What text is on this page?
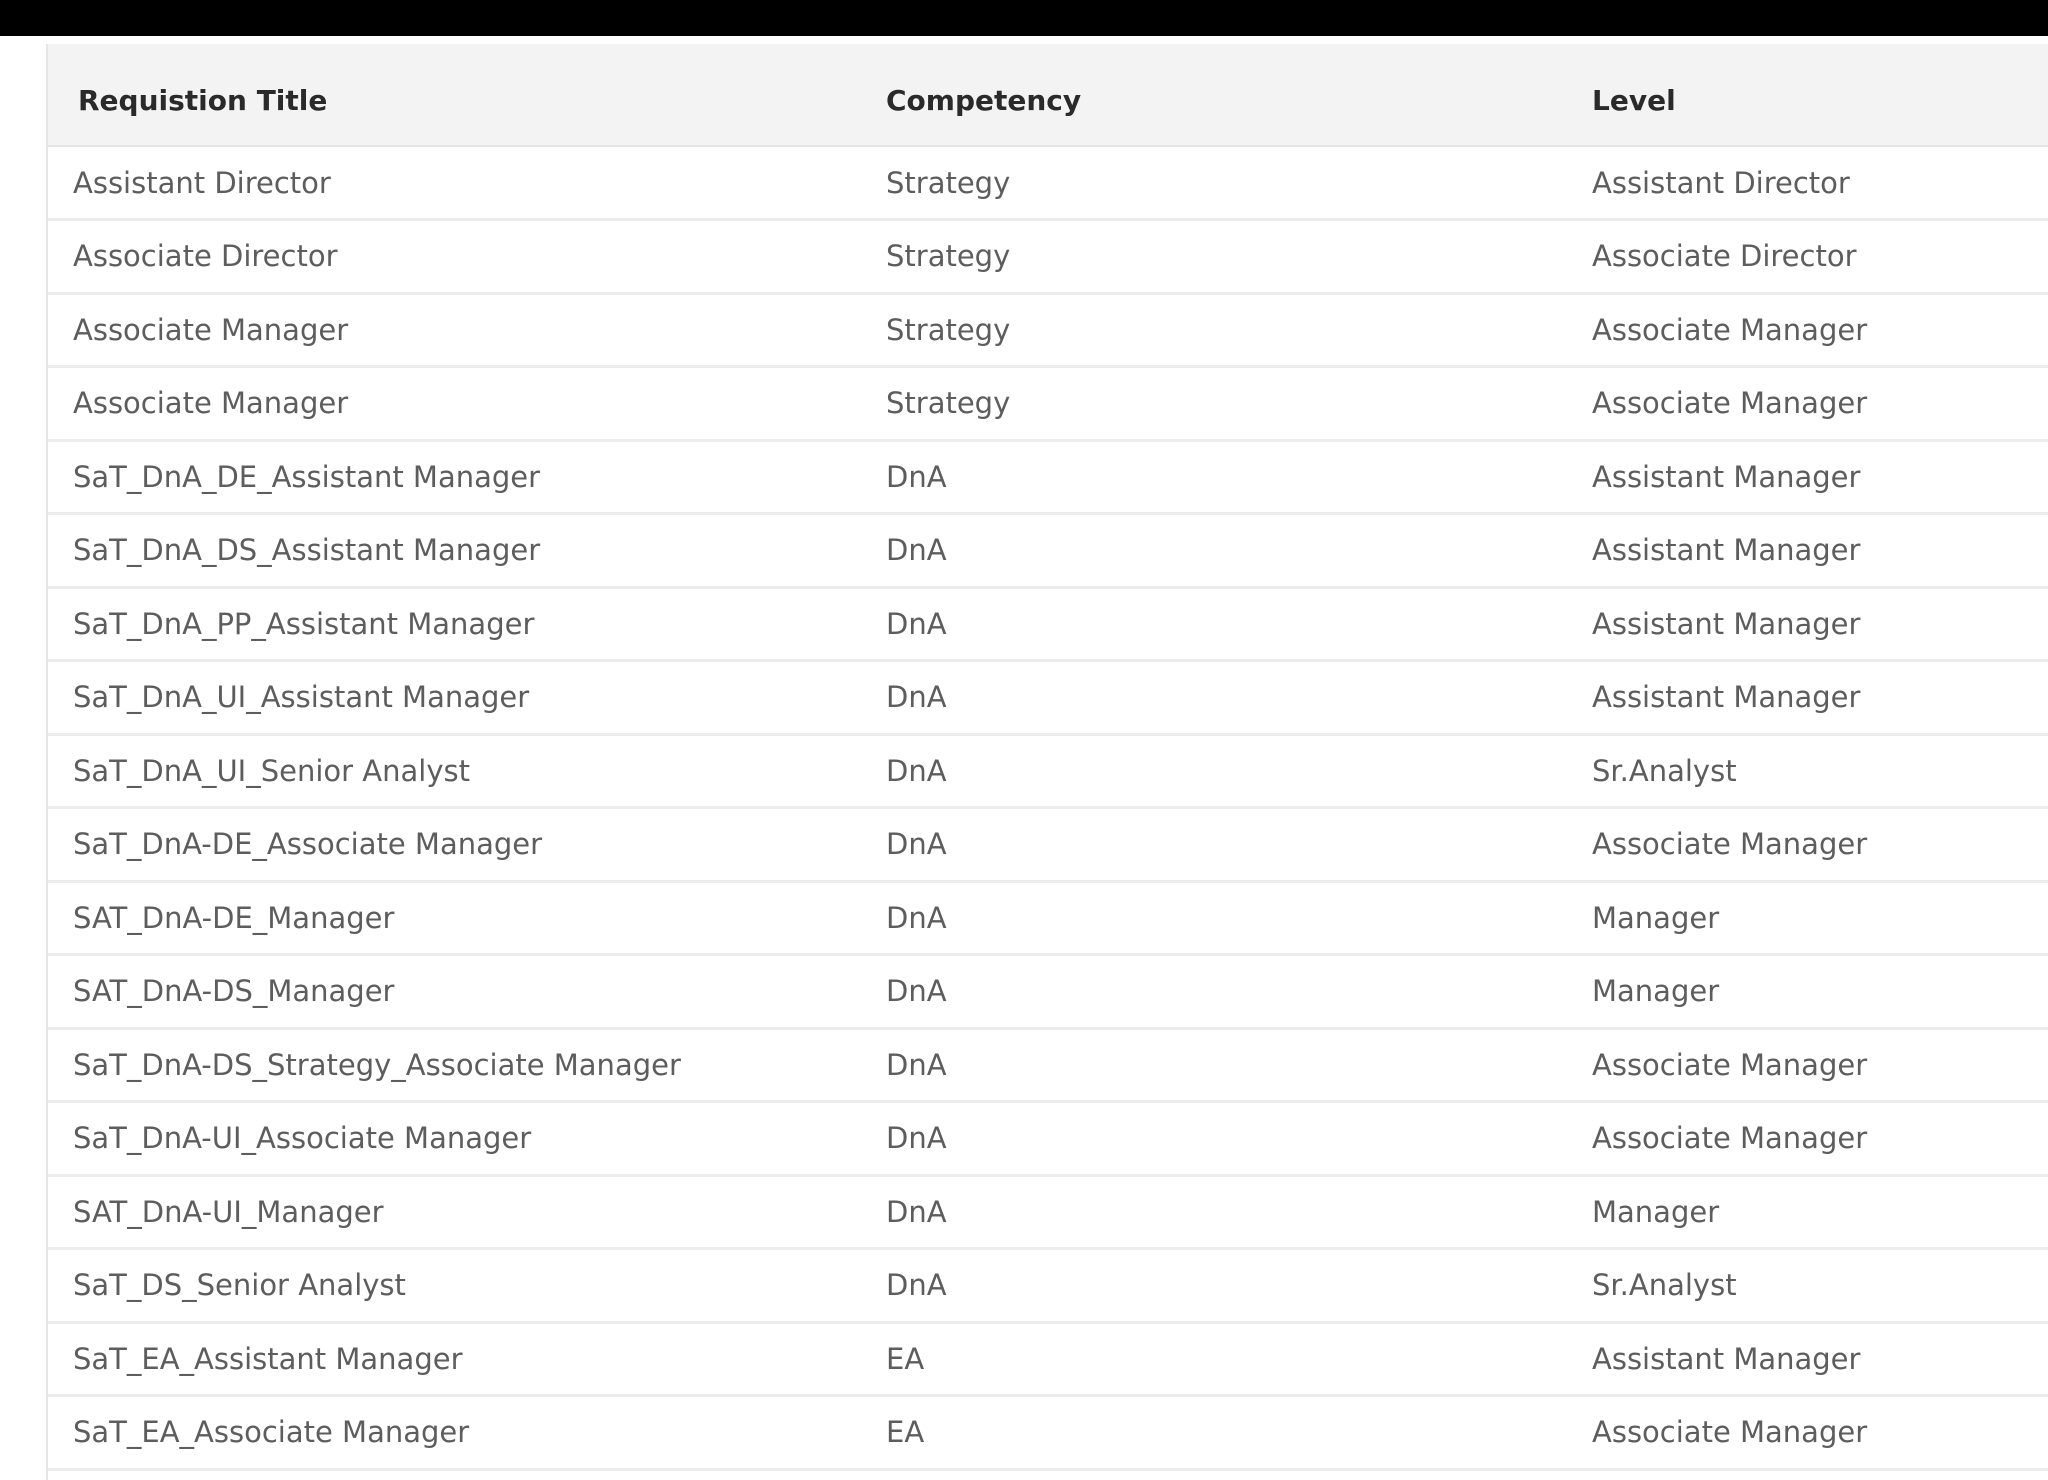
Requistion Title	Competency	Level
Assistant Director	Strategy	Assistant Director
Associate Director	Strategy	Associate Director
Associate Manager	Strategy	Associate Manager
Associate Manager	Strategy	Associate Manager
SaT_DnA_DE_Assistant Manager	DnA	Assistant Manager
SaT_DnA_DS_Assistant Manager	DnA	Assistant Manager
SaT_DnA_PP_Assistant Manager	DnA	Assistant Manager
SaT_DnA_UI_Assistant Manager	DnA	Assistant Manager
SaT_DnA_UI_Senior Analyst	DnA	Sr.Analyst
SaT_DnA-DE_Associate Manager	DnA	Associate Manager
SAT_DnA-DE_Manager	DnA	Manager
SAT_DnA-DS_Manager	DnA	Manager
SaT_DnA-DS_Strategy_Associate Manager	DnA	Associate Manager
SaT_DnA-UI_Associate Manager	DnA	Associate Manager
SAT_DnA-UI_Manager	DnA	Manager
SaT_DS_Senior Analyst	DnA	Sr.Analyst
SaT_EA_Assistant Manager	EA	Assistant Manager
SaT_EA_Associate Manager	EA	Associate Manager
